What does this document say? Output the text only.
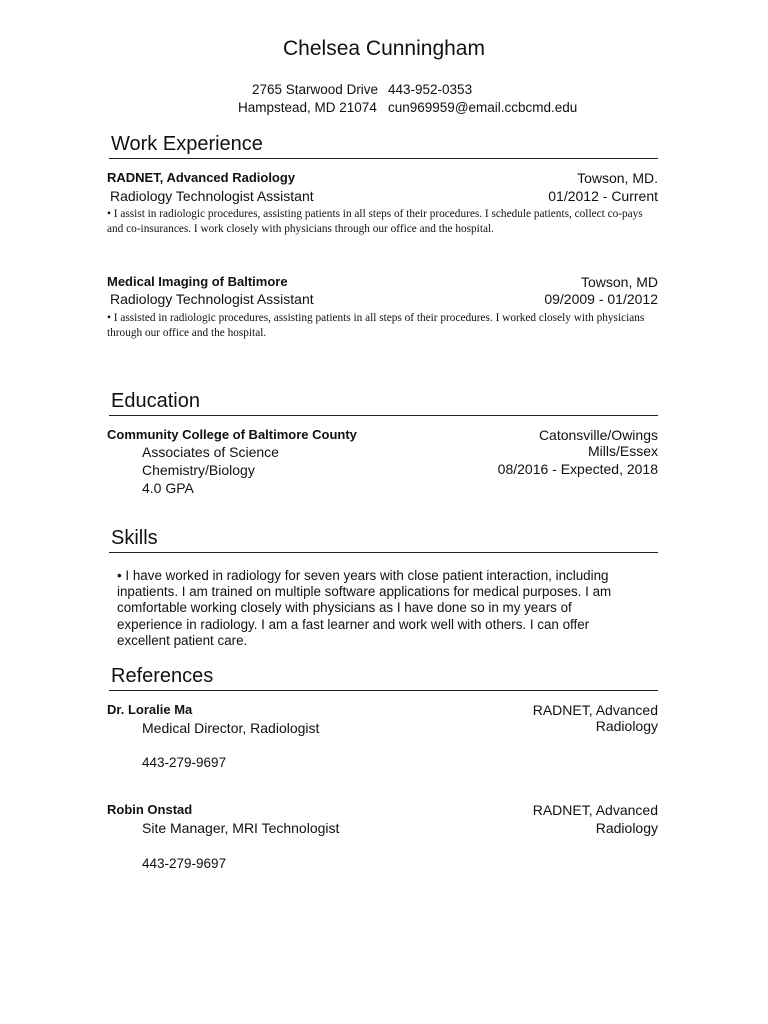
Chelsea Cunningham
2765 Starwood Drive 443-952-0353
Hampstead, MD 21074 cun969959@email.ccbcmd.edu
Work Experience
RADNET, Advanced Radiology	Towson, MD.
Radiology Technologist Assistant	01/2012 - Current
• I assist in radiologic procedures, assisting patients in all steps of their procedures. I schedule patients, collect co-pays and co-insurances. I work closely with physicians through our office and the hospital.
Medical Imaging of Baltimore	Towson, MD
Radiology Technologist Assistant	09/2009 - 01/2012
• I assisted in radiologic procedures, assisting patients in all steps of their procedures. I worked closely with physicians through our office and the hospital.
Education
Community College of Baltimore County	Catonsville/Owings
Mills/Essex
Associates of Science
Chemistry/Biology	08/2016 - Expected, 2018
4.0 GPA
Skills
• I have worked in radiology for seven years with close patient interaction, including inpatients. I am trained on multiple software applications for medical purposes. I am comfortable working closely with physicians as I have done so in my years of experience in radiology. I am a fast learner and work well with others. I can offer excellent patient care.
References
Dr. Loralie Ma	RADNET, Advanced
Radiology
Medical Director, Radiologist
443-279-9697
Robin Onstad	RADNET, Advanced
Radiology
Site Manager, MRI Technologist
443-279-9697
